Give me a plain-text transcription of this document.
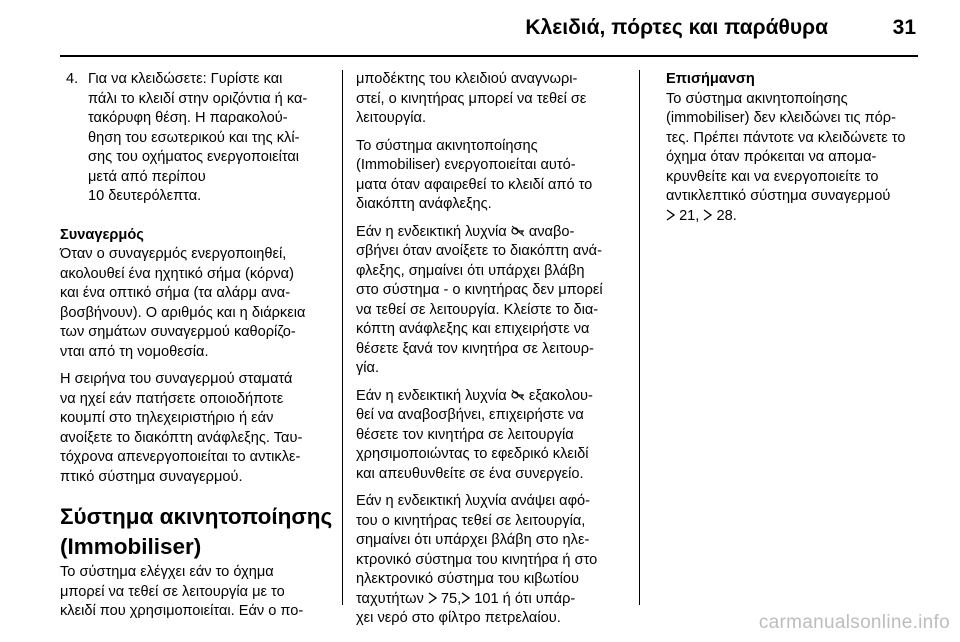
Κλειδιά, πόρτες και παράθυρα	31
4. Για να κλειδώσετε: Γυρίστε και
πάλι το κλειδί στην οριζόντια ή κα-
τακόρυφη θέση. Η παρακολού-
θηση του εσωτερικού και της κλί-
σης του οχήματος ενεργοποιείται
μετά από περίπου
10 δευτερόλεπτα.
Συναγερμός
Όταν ο συναγερμός ενεργοποιηθεί,
ακολουθεί ένα ηχητικό σήμα (κόρνα)
και ένα οπτικό σήμα (τα αλάρμ ανα-
βοσβήνουν). Ο αριθμός και η διάρκεια
των σημάτων συναγερμού καθορίζο-
νται από τη νομοθεσία.
Η σειρήνα του συναγερμού σταματά
να ηχεί εάν πατήσετε οποιοδήποτε
κουμπί στο τηλεχειριστήριο ή εάν
ανοίξετε το διακόπτη ανάφλεξης. Ταυ-
τόχρονα απενεργοποιείται το αντικλε-
πτικό σύστημα συναγερμού.
Σύστημα ακινητοποίησης
(Immobiliser)
Το σύστημα ελέγχει εάν το όχημα
μπορεί να τεθεί σε λειτουργία με το
κλειδί που χρησιμοποιείται. Εάν ο πο-
μποδέκτης του κλειδιού αναγνωρι-
στεί, ο κινητήρας μπορεί να τεθεί σε
λειτουργία.
Το σύστημα ακινητοποίησης
(Immobiliser) ενεργοποιείται αυτό-
ματα όταν αφαιρεθεί το κλειδί από το
διακόπτη ανάφλεξης.
Εάν η ενδεικτική λυχνία  αναβο-
σβήνει όταν ανοίξετε το διακόπτη ανά-
φλεξης, σημαίνει ότι υπάρχει βλάβη
στο σύστημα - ο κινητήρας δεν μπορεί
να τεθεί σε λειτουργία. Κλείστε το δια-
κόπτη ανάφλεξης και επιχειρήστε να
θέσετε ξανά τον κινητήρα σε λειτουρ-
γία.
Εάν η ενδεικτική λυχνία  εξακολου-
θεί να αναβοσβήνει, επιχειρήστε να
θέσετε τον κινητήρα σε λειτουργία
χρησιμοποιώντας το εφεδρικό κλειδί
και απευθυνθείτε σε ένα συνεργείο.
Εάν η ενδεικτική λυχνία ανάψει αφό-
του ο κινητήρας τεθεί σε λειτουργία,
σημαίνει ότι υπάρχει βλάβη στο ηλε-
κτρονικό σύστημα του κινητήρα ή στο
ηλεκτρονικό σύστημα του κιβωτίου
ταχυτήτων  75, 101 ή ότι υπάρ-
χει νερό στο φίλτρο πετρελαίου.
Επισήμανση
Το σύστημα ακινητοποίησης
(immobiliser) δεν κλειδώνει τις πόρ-
τες. Πρέπει πάντοτε να κλειδώνετε το
όχημα όταν πρόκειται να απομα-
κρυνθείτε και να ενεργοποιείτε το
αντικλεπτικό σύστημα συναγερμού
21,  28.
carmanualsonline.info
